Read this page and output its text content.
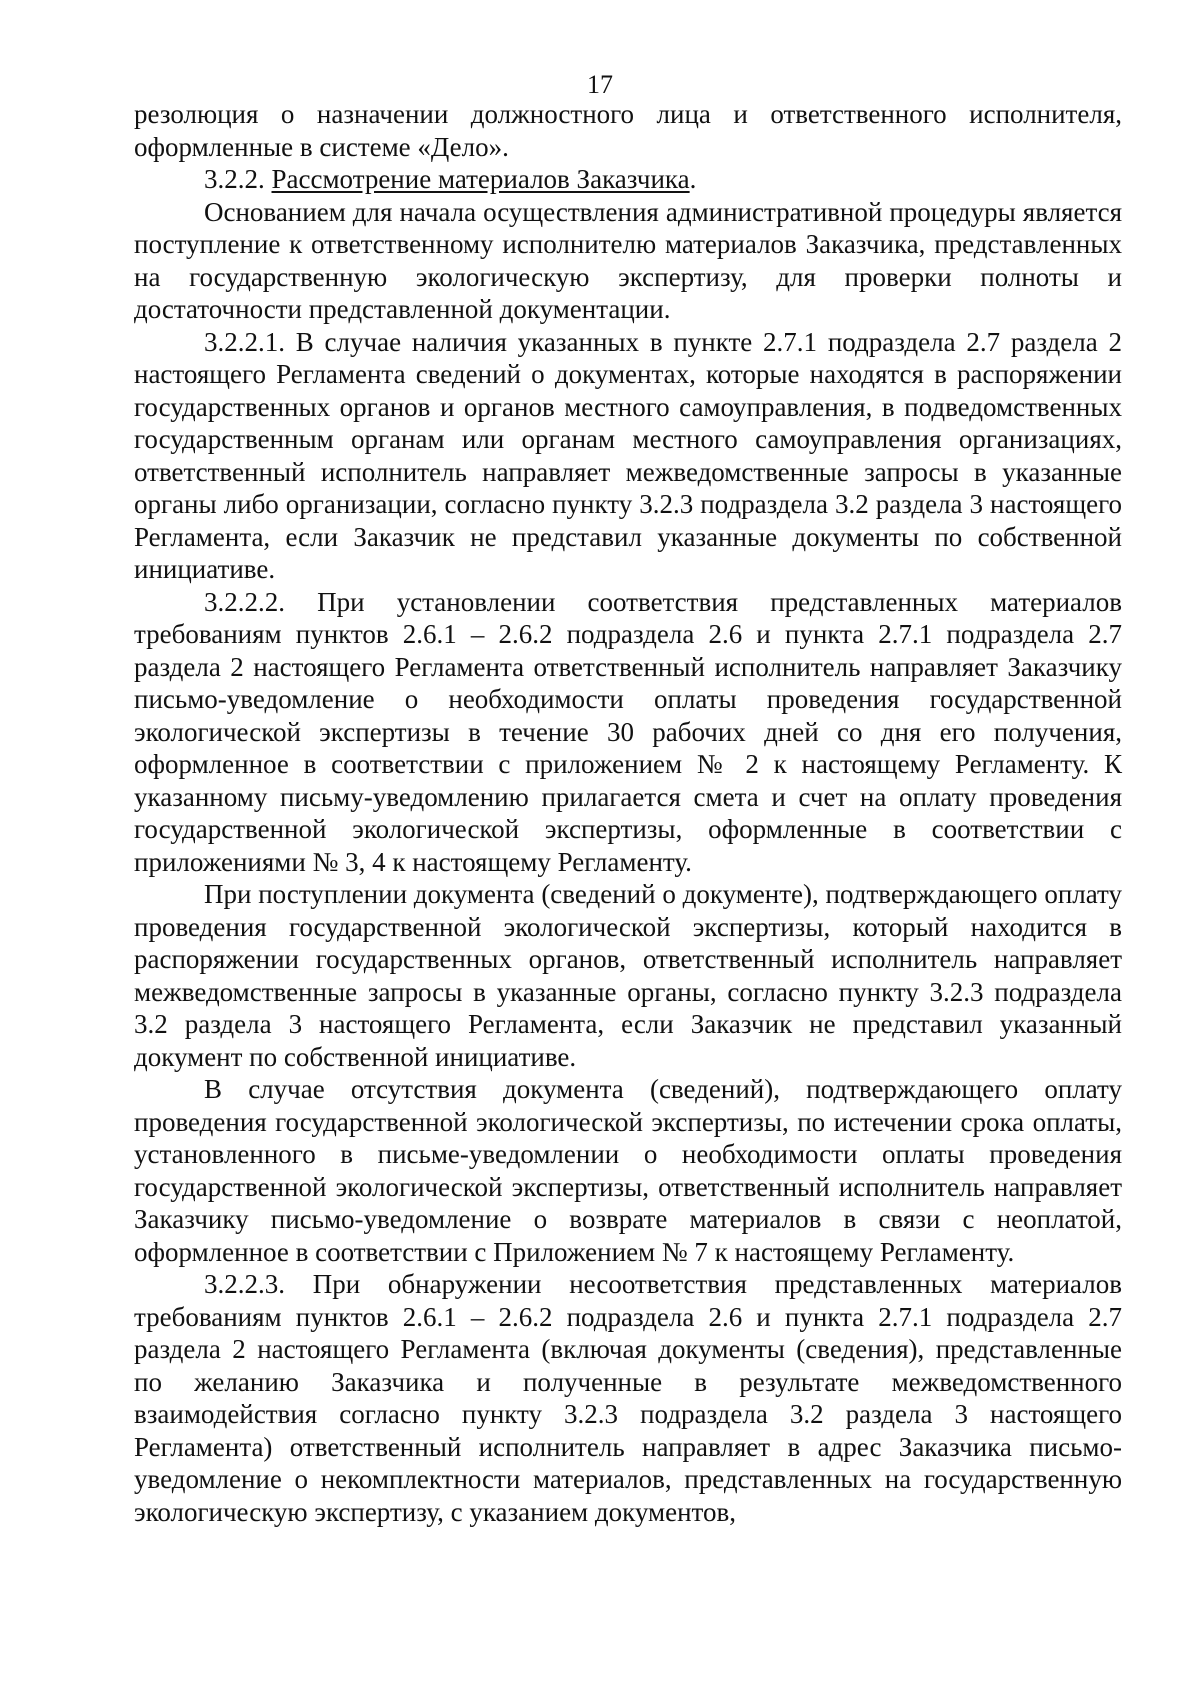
17

резолюция о назначении должностного лица и ответственного исполнителя, оформленные в системе «Дело».

3.2.2. Рассмотрение материалов Заказчика.

Основанием для начала осуществления административной процедуры является поступление к ответственному исполнителю материалов Заказчика, представленных на государственную экологическую экспертизу, для проверки полноты и достаточности представленной документации.

3.2.2.1. В случае наличия указанных в пункте 2.7.1 подраздела 2.7 раздела 2 настоящего Регламента сведений о документах, которые находятся в распоряжении государственных органов и органов местного самоуправления, в подведомственных государственным органам или органам местного самоуправления организациях, ответственный исполнитель направляет межведомственные запросы в указанные органы либо организации, согласно пункту 3.2.3 подраздела 3.2 раздела 3 настоящего Регламента, если Заказчик не представил указанные документы по собственной инициативе.

3.2.2.2. При установлении соответствия представленных материалов требованиям пунктов 2.6.1 – 2.6.2 подраздела 2.6 и пункта 2.7.1 подраздела 2.7 раздела 2 настоящего Регламента ответственный исполнитель направляет Заказчику письмо-уведомление о необходимости оплаты проведения государственной экологической экспертизы в течение 30 рабочих дней со дня его получения, оформленное в соответствии с приложением № 2 к настоящему Регламенту. К указанному письму-уведомлению прилагается смета и счет на оплату проведения государственной экологической экспертизы, оформленные в соответствии с приложениями № 3, 4 к настоящему Регламенту.

При поступлении документа (сведений о документе), подтверждающего оплату проведения государственной экологической экспертизы, который находится в распоряжении государственных органов, ответственный исполнитель направляет межведомственные запросы в указанные органы, согласно пункту 3.2.3 подраздела 3.2 раздела 3 настоящего Регламента, если Заказчик не представил указанный документ по собственной инициативе.

В случае отсутствия документа (сведений), подтверждающего оплату проведения государственной экологической экспертизы, по истечении срока оплаты, установленного в письме-уведомлении о необходимости оплаты проведения государственной экологической экспертизы, ответственный исполнитель направляет Заказчику письмо-уведомление о возврате материалов в связи с неоплатой, оформленное в соответствии с Приложением № 7 к настоящему Регламенту.

3.2.2.3. При обнаружении несоответствия представленных материалов требованиям пунктов 2.6.1 – 2.6.2 подраздела 2.6 и пункта 2.7.1 подраздела 2.7 раздела 2 настоящего Регламента (включая документы (сведения), представленные по желанию Заказчика и полученные в результате межведомственного взаимодействия согласно пункту 3.2.3 подраздела 3.2 раздела 3 настоящего Регламента) ответственный исполнитель направляет в адрес Заказчика письмо-уведомление о некомплектности материалов, представленных на государственную экологическую экспертизу, с указанием документов,
